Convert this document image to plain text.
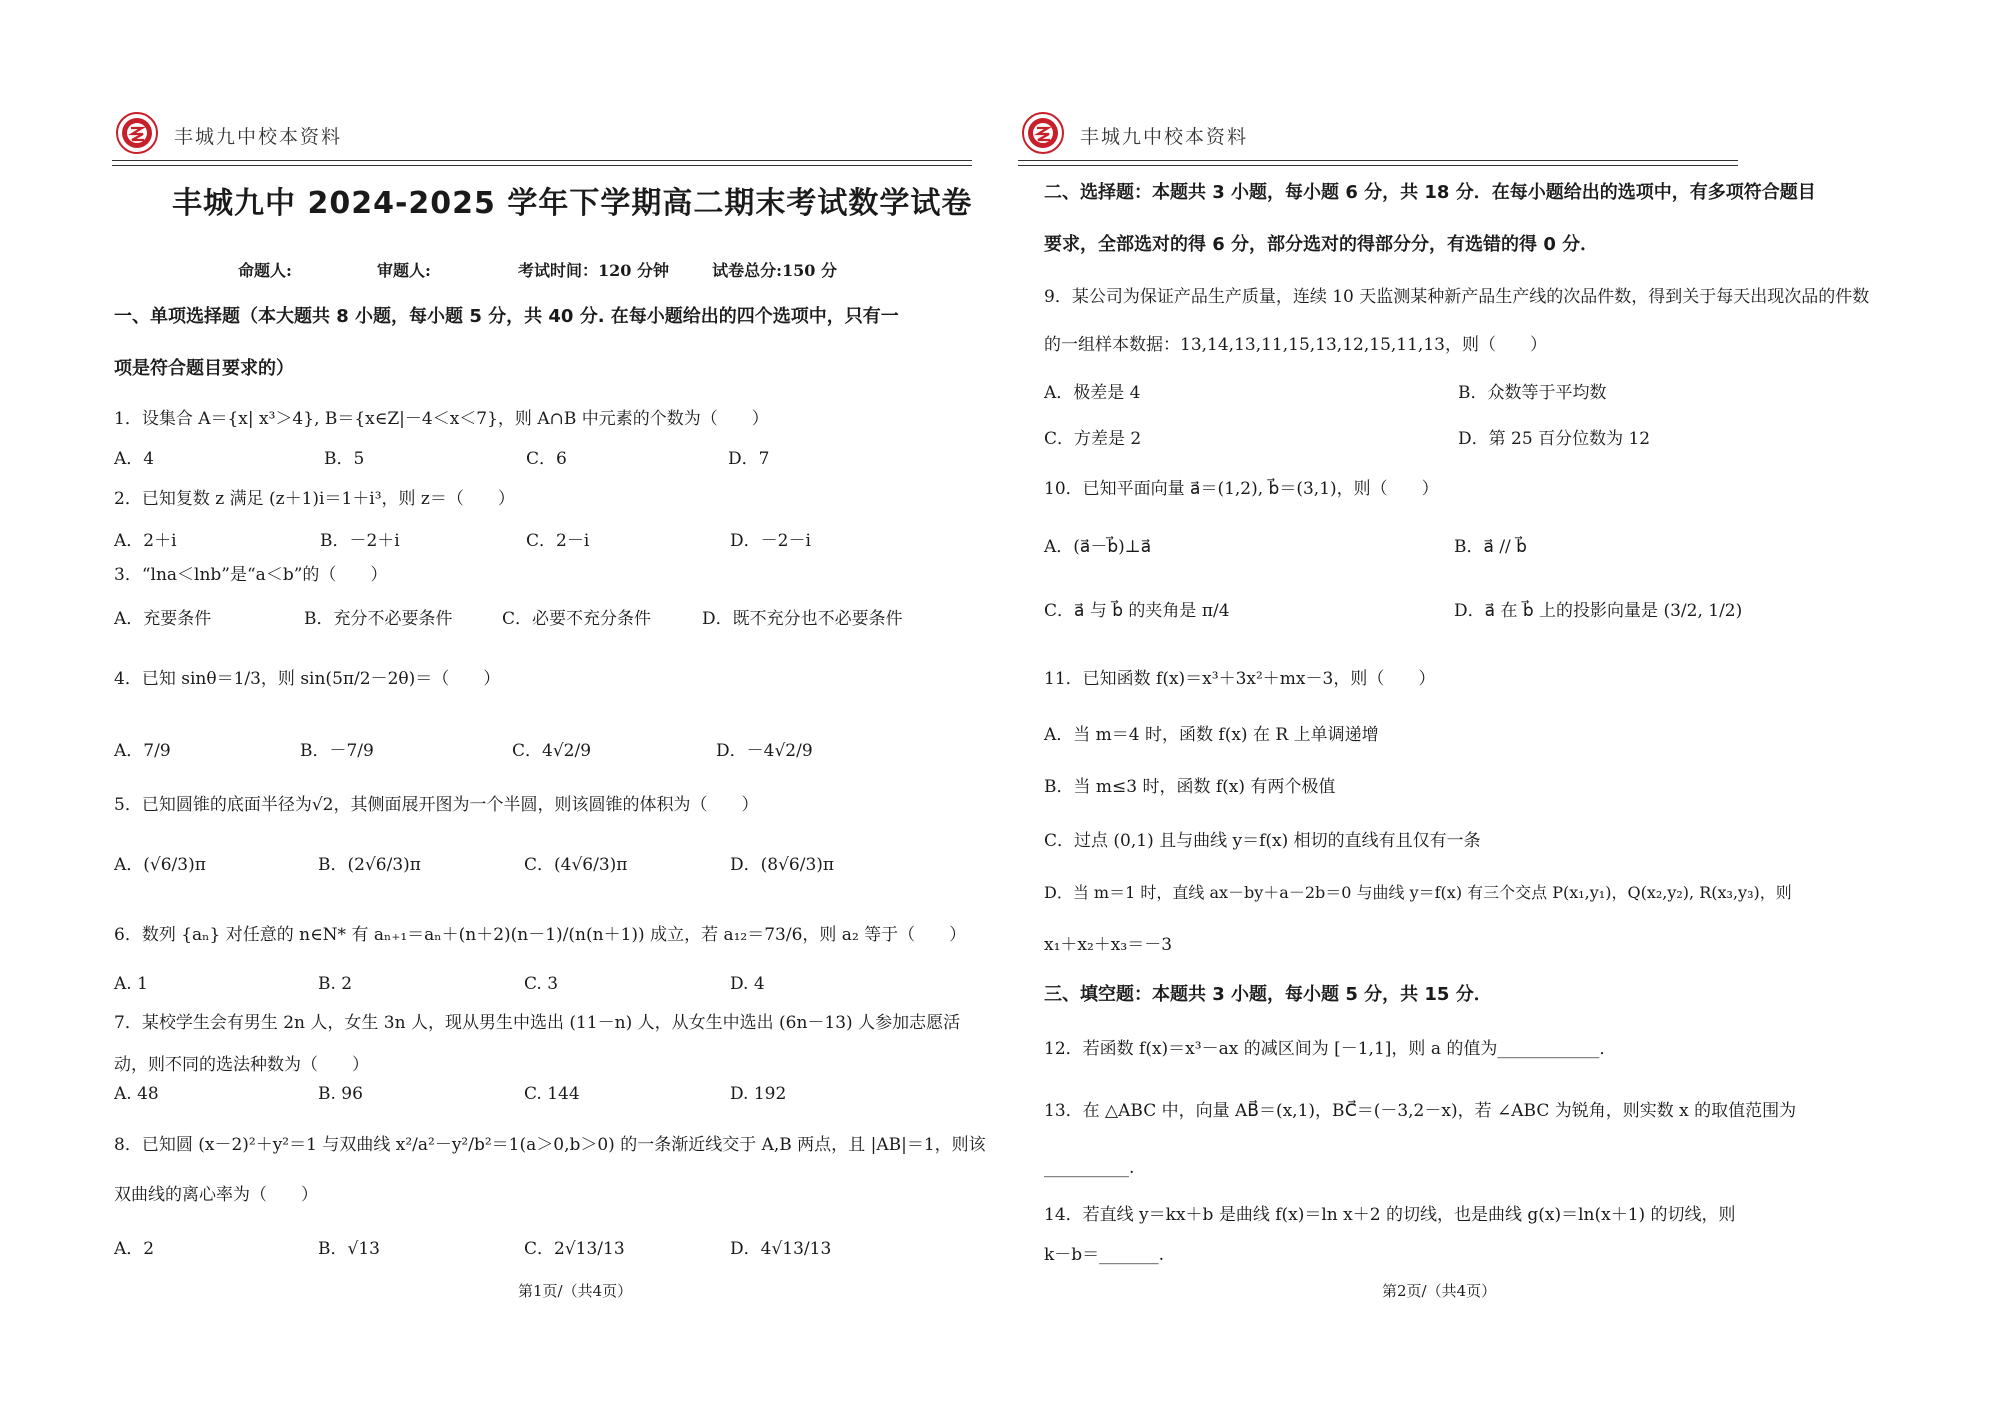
丰城九中校本资料
丰城九中 2024-2025 学年下学期高二期末考试数学试卷
命题人:	审题人:	考试时间：120 分钟	试卷总分:150 分
一、单项选择题（本大题共 8 小题，每小题 5 分，共 40 分. 在每小题给出的四个选项中，只有一
项是符合题目要求的）
1．设集合 A＝{x| x³＞4}, B＝{x∈Z|－4＜x＜7}，则 A∩B 中元素的个数为（　　）
A．4	B．5	C．6	D．7
2．已知复数 z 满足 (z＋1)i＝1＋i³，则 z＝（　　）
A．2＋i	B．－2＋i	C．2－i	D．－2－i
3．“lna＜lnb”是“a＜b”的（　　）
A．充要条件	B．充分不必要条件	C．必要不充分条件	D．既不充分也不必要条件
4．已知 sinθ＝1/3，则 sin(5π/2－2θ)＝（　　）
A．7/9	B．－7/9	C．4√2/9	D．－4√2/9
5．已知圆锥的底面半径为√2，其侧面展开图为一个半圆，则该圆锥的体积为（　　）
A．(√6/3)π	B．(2√6/3)π	C．(4√6/3)π	D．(8√6/3)π
6．数列 {aₙ} 对任意的 n∈N* 有 aₙ₊₁＝aₙ＋(n＋2)(n－1)/(n(n＋1)) 成立，若 a₁₂＝73/6，则 a₂ 等于（　　）
A. 1	B. 2	C. 3	D. 4
7．某校学生会有男生 2n 人，女生 3n 人，现从男生中选出 (11－n) 人，从女生中选出 (6n－13) 人参加志愿活
动，则不同的选法种数为（　　）
A. 48	B. 96	C. 144	D. 192
8．已知圆 (x－2)²＋y²＝1 与双曲线 x²/a²－y²/b²＝1(a＞0,b＞0) 的一条渐近线交于 A,B 两点，且 |AB|＝1，则该
双曲线的离心率为（　　）
A．2	B．√13	C．2√13/13	D．4√13/13
第1页/（共4页）
丰城九中校本资料
二、选择题：本题共 3 小题，每小题 6 分，共 18 分．在每小题给出的选项中，有多项符合题目
要求，全部选对的得 6 分，部分选对的得部分分，有选错的得 0 分．
9．某公司为保证产品生产质量，连续 10 天监测某种新产品生产线的次品件数，得到关于每天出现次品的件数
的一组样本数据：13,14,13,11,15,13,12,15,11,13，则（　　）
A．极差是 4	B．众数等于平均数
C．方差是 2	D．第 25 百分位数为 12
10．已知平面向量 a⃗＝(1,2), b⃗＝(3,1)，则（　　）
A．(a⃗－b⃗)⊥a⃗	B．a⃗ // b⃗
C．a⃗ 与 b⃗ 的夹角是 π/4	D．a⃗ 在 b⃗ 上的投影向量是 (3/2, 1/2)
11．已知函数 f(x)＝x³＋3x²＋mx－3，则（　　）
A．当 m＝4 时，函数 f(x) 在 R 上单调递增
B．当 m≤3 时，函数 f(x) 有两个极值
C．过点 (0,1) 且与曲线 y＝f(x) 相切的直线有且仅有一条
D．当 m＝1 时，直线 ax－by＋a－2b＝0 与曲线 y＝f(x) 有三个交点 P(x₁,y₁)，Q(x₂,y₂), R(x₃,y₃)，则
x₁＋x₂＋x₃＝－3
三、填空题：本题共 3 小题，每小题 5 分，共 15 分．
12．若函数 f(x)＝x³－ax 的减区间为 [－1,1]，则 a 的值为____________．
13．在 △ABC 中，向量 AB⃗＝(x,1)，BC⃗＝(－3,2－x)，若 ∠ABC 为锐角，则实数 x 的取值范围为
__________.
14．若直线 y＝kx＋b 是曲线 f(x)＝ln x＋2 的切线，也是曲线 g(x)＝ln(x＋1) 的切线，则
k－b＝_______.
第2页/（共4页）
